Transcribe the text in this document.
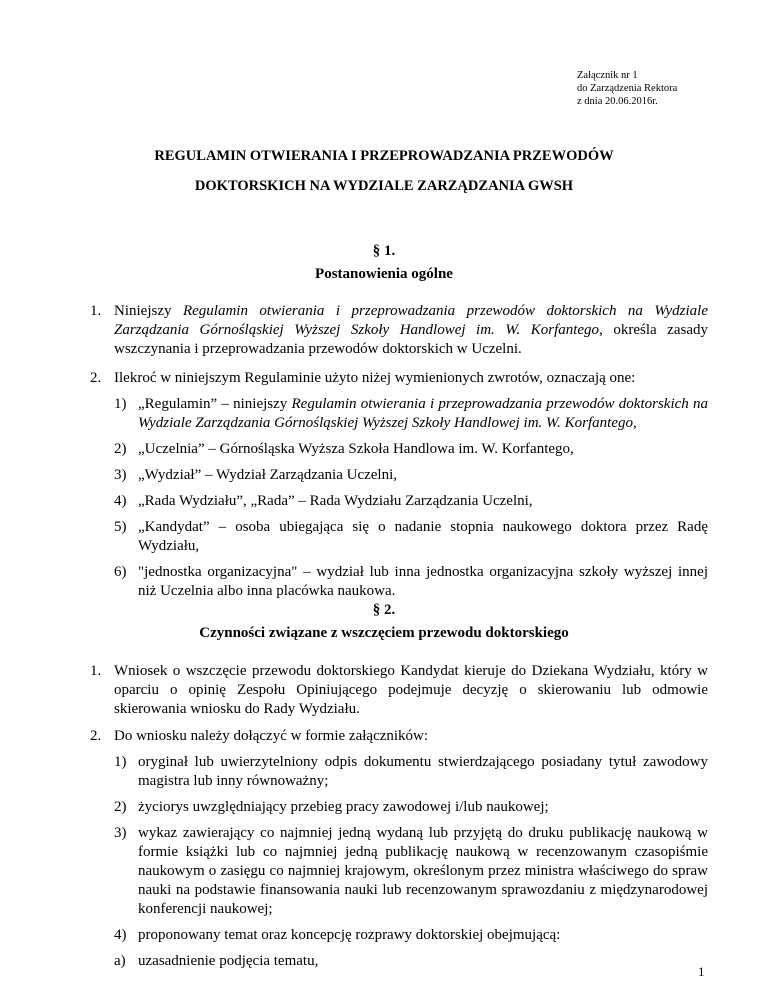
Załącznik nr 1
do Zarządzenia Rektora
z dnia 20.06.2016r.
REGULAMIN OTWIERANIA I PRZEPROWADZANIA PRZEWODÓW
DOKTORSKICH NA WYDZIALE ZARZĄDZANIA GWSH
§ 1.
Postanowienia ogólne
1. Niniejszy Regulamin otwierania i przeprowadzania przewodów doktorskich na Wydziale Zarządzania Górnośląskiej Wyższej Szkoły Handlowej im. W. Korfantego, określa zasady wszczynania i przeprowadzania przewodów doktorskich w Uczelni.
2. Ilekroć w niniejszym Regulaminie użyto niżej wymienionych zwrotów, oznaczają one:
1) „Regulamin” – niniejszy Regulamin otwierania i przeprowadzania przewodów doktorskich na Wydziale Zarządzania Górnośląskiej Wyższej Szkoły Handlowej im. W. Korfantego,
2) „Uczelnia” – Górnośląska Wyższa Szkoła Handlowa im. W. Korfantego,
3) „Wydział” – Wydział Zarządzania Uczelni,
4) „Rada Wydziału”, „Rada” – Rada Wydziału Zarządzania Uczelni,
5) „Kandydat” – osoba ubiegająca się o nadanie stopnia naukowego doktora przez Radę Wydziału,
6) "jednostka organizacyjna" – wydział lub inna jednostka organizacyjna szkoły wyższej innej niż Uczelnia albo inna placówka naukowa.
§ 2.
Czynności związane z wszczęciem przewodu doktorskiego
1. Wniosek o wszczęcie przewodu doktorskiego Kandydat kieruje do Dziekana Wydziału, który w oparciu o opinię Zespołu Opiniującego podejmuje decyzję o skierowaniu lub odmowie skierowania wniosku do Rady Wydziału.
2. Do wniosku należy dołączyć w formie załączników:
1) oryginał lub uwierzytelniony odpis dokumentu stwierdzającego posiadany tytuł zawodowy magistra lub inny równoważny;
2) życiorys uwzględniający przebieg pracy zawodowej i/lub naukowej;
3) wykaz zawierający co najmniej jedną wydaną lub przyjętą do druku publikację naukową w formie książki lub co najmniej jedną publikację naukową w recenzowanym czasopiśmie naukowym o zasięgu co najmniej krajowym, określonym przez ministra właściwego do spraw nauki na podstawie finansowania nauki lub recenzowanym sprawozdaniu z międzynarodowej konferencji naukowej;
4) proponowany temat oraz koncepcję rozprawy doktorskiej obejmującą:
a) uzasadnienie podjęcia tematu,
1
